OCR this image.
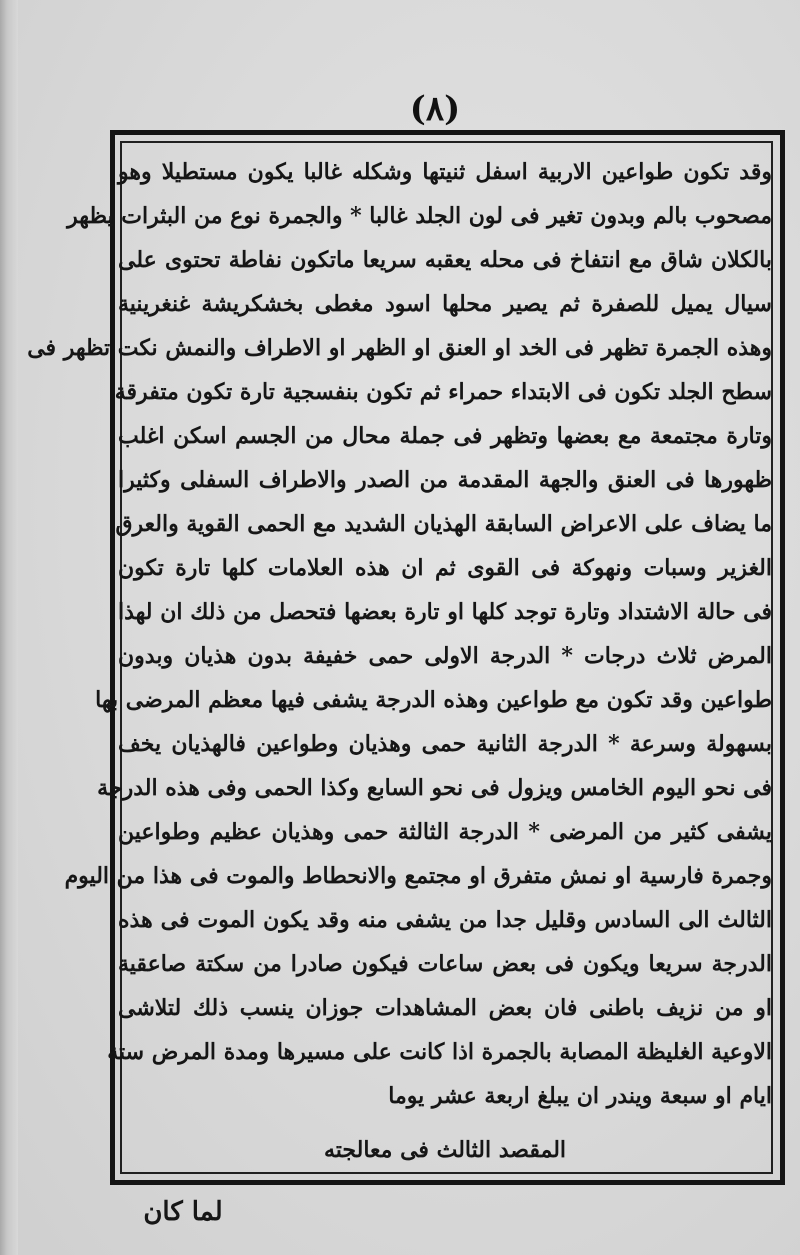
(٨)
وقد تكون طواعين الاربية اسفل ثنيتها وشكله غالبا يكون مستطيلا وهو
مصحوب بالم وبدون تغير فى لون الجلد غالبا * والجمرة نوع من البثرات يظهر
بالكلان شاق مع انتفاخ فى محله يعقبه سريعا ماتكون نفاطة تحتوى على
سيال يميل للصفرة ثم يصير محلها اسود مغطى بخشكريشة غنغرينية
وهذه الجمرة تظهر فى الخد او العنق او الظهر او الاطراف والنمش نكت تظهر فى
سطح الجلد تكون فى الابتداء حمراء ثم تكون بنفسجية تارة تكون متفرقة
وتارة مجتمعة مع بعضها وتظهر فى جملة محال من الجسم اسكن اغلب
ظهورها فى العنق والجهة المقدمة من الصدر والاطراف السفلى وكثيرا
ما يضاف على الاعراض السابقة الهذيان الشديد مع الحمى القوية والعرق
الغزير وسبات ونهوكة فى القوى ثم ان هذه العلامات كلها تارة تكون
فى حالة الاشتداد وتارة توجد كلها او تارة بعضها فتحصل من ذلك ان لهذا
المرض ثلاث درجات * الدرجة الاولى حمى خفيفة بدون هذيان وبدون
طواعين وقد تكون مع طواعين وهذه الدرجة يشفى فيها معظم المرضى بها
بسهولة وسرعة * الدرجة الثانية حمى وهذيان وطواعين فالهذيان يخف
فى نحو اليوم الخامس ويزول فى نحو السابع وكذا الحمى وفى هذه الدرجة
يشفى كثير من المرضى * الدرجة الثالثة حمى وهذيان عظيم وطواعين
وجمرة فارسية او نمش متفرق او مجتمع والانحطاط والموت فى هذا من اليوم
الثالث الى السادس وقليل جدا من يشفى منه وقد يكون الموت فى هذه
الدرجة سريعا ويكون فى بعض ساعات فيكون صادرا من سكتة صاعقية
او من نزيف باطنى فان بعض المشاهدات جوزان ينسب ذلك لتلاشى
الاوعية الغليظة المصابة بالجمرة اذا كانت على مسيرها ومدة المرض ستة
ايام او سبعة ويندر ان يبلغ اربعة عشر يوما
المقصد الثالث فى معالجته
لما كان
